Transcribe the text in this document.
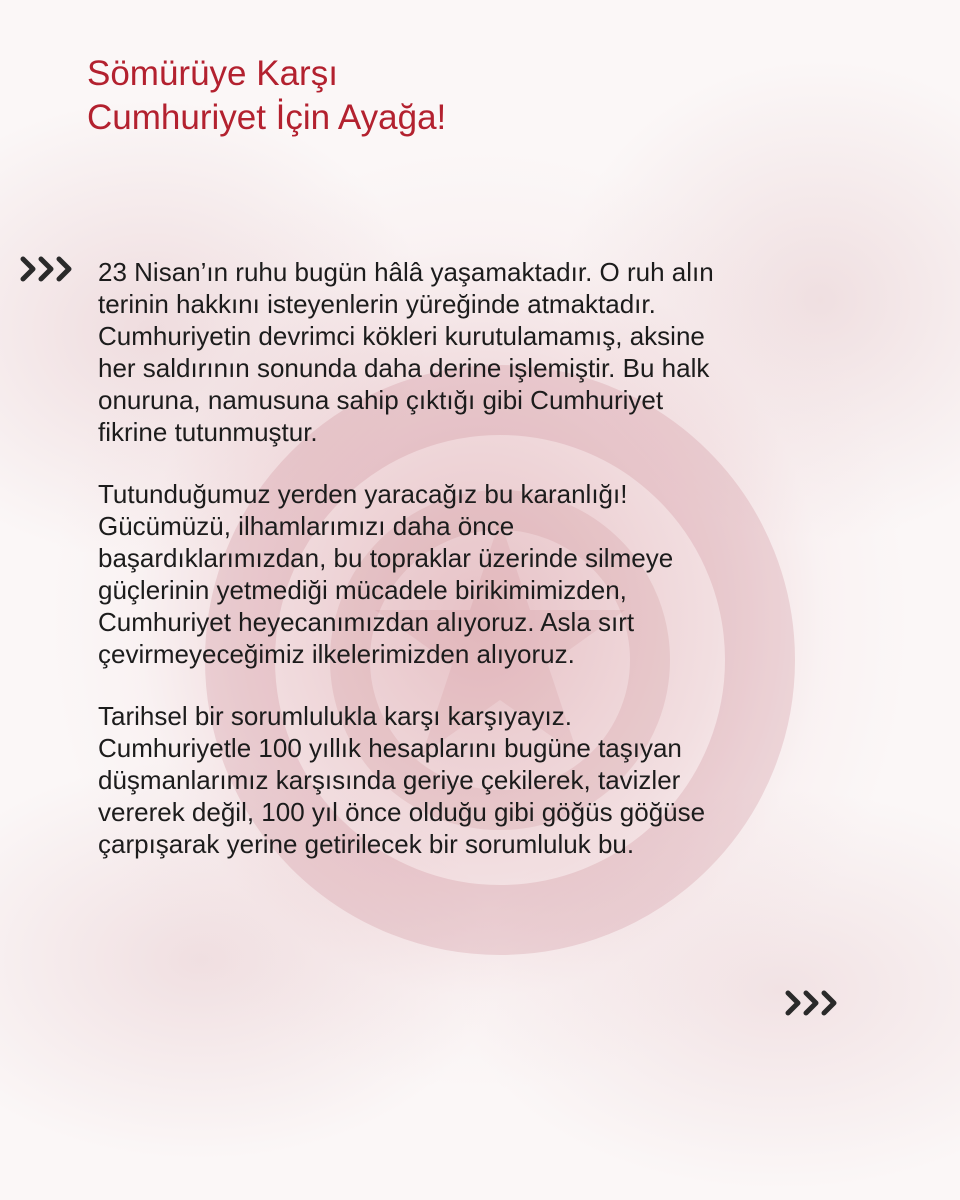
Sömürüye Karşı
Cumhuriyet İçin Ayağa!

23 Nisan’ın ruhu bugün hâlâ yaşamaktadır. O ruh alın
terinin hakkını isteyenlerin yüreğinde atmaktadır.
Cumhuriyetin devrimci kökleri kurutulamamış, aksine
her saldırının sonunda daha derine işlemiştir. Bu halk
onuruna, namusuna sahip çıktığı gibi Cumhuriyet
fikrine tutunmuştur.

Tutunduğumuz yerden yaracağız bu karanlığı!
Gücümüzü, ilhamlarımızı daha önce
başardıklarımızdan, bu topraklar üzerinde silmeye
güçlerinin yetmediği mücadele birikimimizden,
Cumhuriyet heyecanımızdan alıyoruz. Asla sırt
çevirmeyeceğimiz ilkelerimizden alıyoruz.

Tarihsel bir sorumlulukla karşı karşıyayız.
Cumhuriyetle 100 yıllık hesaplarını bugüne taşıyan
düşmanlarımız karşısında geriye çekilerek, tavizler
vererek değil, 100 yıl önce olduğu gibi göğüs göğüse
çarpışarak yerine getirilecek bir sorumluluk bu.
